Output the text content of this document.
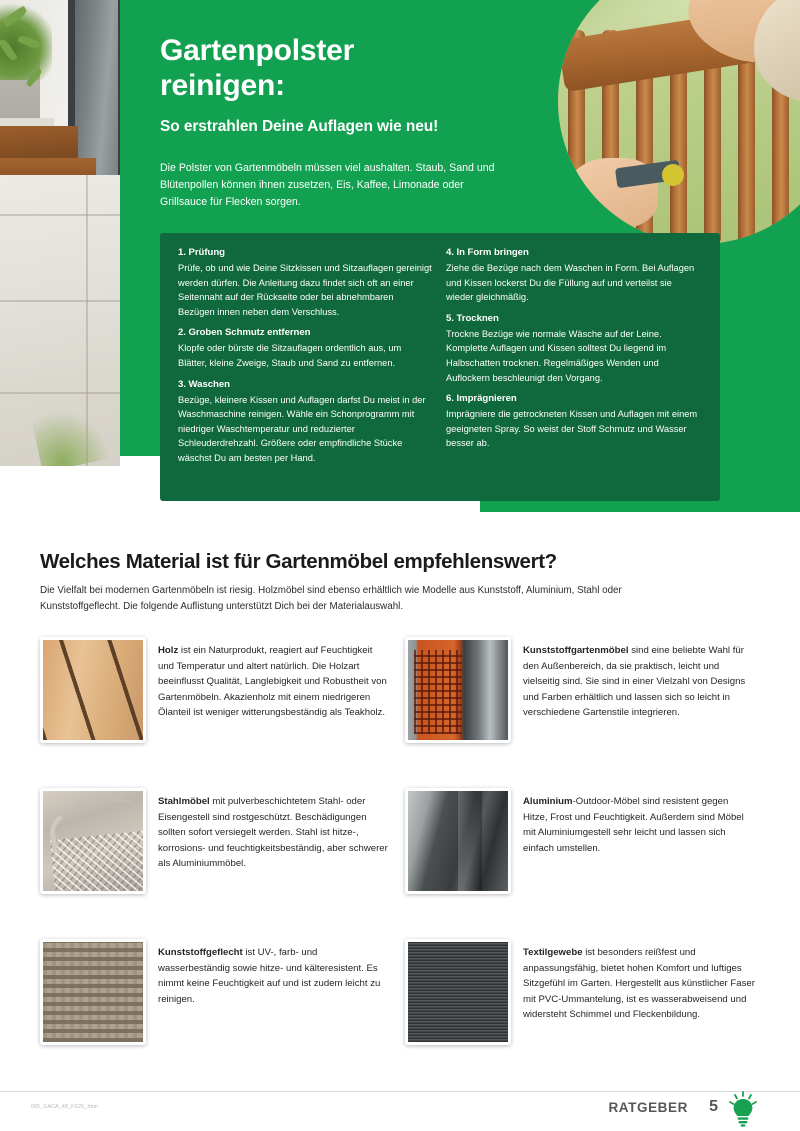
Gartenpolster
reinigen:
So erstrahlen Deine Auflagen wie neu!
Die Polster von Gartenmöbeln müssen viel aushalten. Staub, Sand und Blütenpollen können ihnen zusetzen, Eis, Kaffee, Limonade oder Grillsauce für Flecken sorgen.
1. Prüfung
Prüfe, ob und wie Deine Sitzkissen und Sitzauflagen gereinigt werden dürfen. Die Anleitung dazu findet sich oft an einer Seitennaht auf der Rückseite oder bei abnehmbaren Bezügen innen neben dem Verschluss.
2. Groben Schmutz entfernen
Klopfe oder bürste die Sitzauflagen ordentlich aus, um Blätter, kleine Zweige, Staub und Sand zu entfernen.
3. Waschen
Bezüge, kleinere Kissen und Auflagen darfst Du meist in der Waschmaschine reinigen. Wähle ein Schonprogramm mit niedriger Waschtemperatur und reduzierter Schleuderdrehzahl. Größere oder empfindliche Stücke wäschst Du am besten per Hand.
4. In Form bringen
Ziehe die Bezüge nach dem Waschen in Form. Bei Auflagen und Kissen lockerst Du die Füllung auf und verteilst sie wieder gleichmäßig.
5. Trocknen
Trockne Bezüge wie normale Wäsche auf der Leine. Komplette Auflagen und Kissen solltest Du liegend im Halbschatten trocknen. Regelmäßiges Wenden und Auflockern beschleunigt den Vorgang.
6. Imprägnieren
Imprägniere die getrockneten Kissen und Auflagen mit einem geeigneten Spray. So weist der Stoff Schmutz und Wasser besser ab.
Welches Material ist für Gartenmöbel empfehlenswert?
Die Vielfalt bei modernen Gartenmöbeln ist riesig. Holzmöbel sind ebenso erhältlich wie Modelle aus Kunststoff, Aluminium, Stahl oder Kunststoffgeflecht. Die folgende Auflistung unterstützt Dich bei der Materialauswahl.
Holz ist ein Naturprodukt, reagiert auf Feuchtigkeit und Temperatur und altert natürlich. Die Holzart beeinflusst Qualität, Langlebigkeit und Robustheit von Gartenmöbeln. Akazienholz mit einem niedrigeren Ölanteil ist weniger witterungsbeständig als Teakholz.
Kunststoffgartenmöbel sind eine beliebte Wahl für den Außenbereich, da sie praktisch, leicht und vielseitig sind. Sie sind in einer Vielzahl von Designs und Farben erhältlich und lassen sich so leicht in verschiedene Gartenstile integrieren.
Stahlmöbel mit pulverbeschichtetem Stahl- oder Eisengestell sind rostgeschützt. Beschädigungen sollten sofort versiegelt werden. Stahl ist hitze-, korrosions- und feuchtigkeitsbeständig, aber schwerer als Aluminiummöbel.
Aluminium-Outdoor-Möbel sind resistent gegen Hitze, Frost und Feuchtigkeit. Außerdem sind Möbel mit Aluminiumgestell sehr leicht und lassen sich einfach umstellen.
Kunststoffgeflecht ist UV-, farb- und wasserbeständig sowie hitze- und kälteresistent. Es nimmt keine Feuchtigkeit auf und ist zudem leicht zu reinigen.
Textilgewebe ist besonders reißfest und anpassungsfähig, bietet hohen Komfort und luftiges Sitzgefühl im Garten. Hergestellt aus künstlicher Faser mit PVC-Ummantelung, ist es wasserabweisend und widersteht Schimmel und Fleckenbildung.
005_GACA_48_FS25_hbm	RATGEBER 5
